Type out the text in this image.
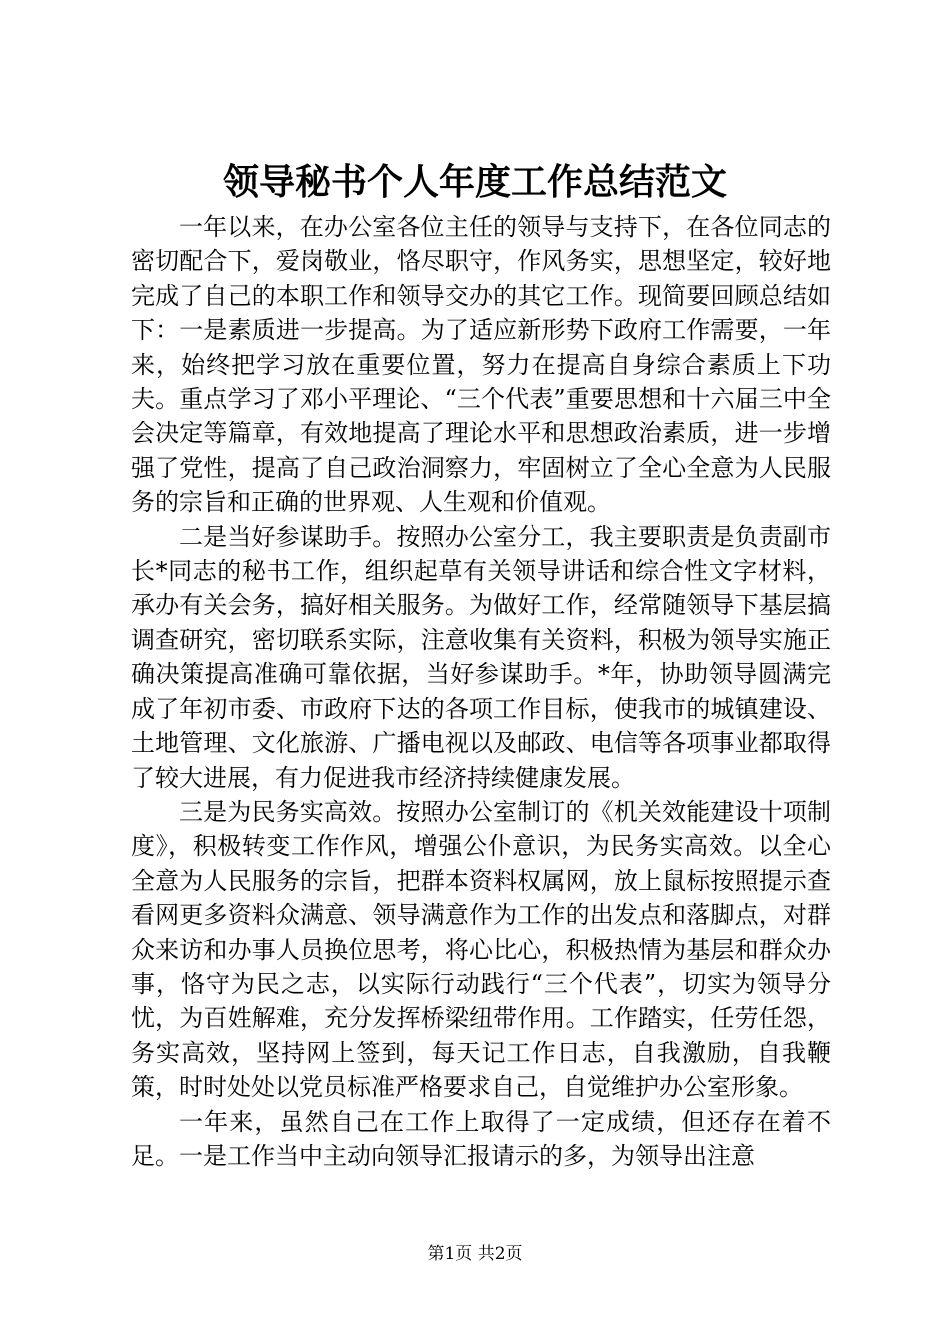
领导秘书个人年度工作总结范文

一年以来，在办公室各位主任的领导与支持下，在各位同志的密切配合下，爱岗敬业，恪尽职守，作风务实，思想坚定，较好地完成了自己的本职工作和领导交办的其它工作。现简要回顾总结如下：一是素质进一步提高。为了适应新形势下政府工作需要，一年来，始终把学习放在重要位置，努力在提高自身综合素质上下功夫。重点学习了邓小平理论、“三个代表”重要思想和十六届三中全会决定等篇章，有效地提高了理论水平和思想政治素质，进一步增强了党性，提高了自己政治洞察力，牢固树立了全心全意为人民服务的宗旨和正确的世界观、人生观和价值观。

二是当好参谋助手。按照办公室分工，我主要职责是负责副市长*同志的秘书工作，组织起草有关领导讲话和综合性文字材料，承办有关会务，搞好相关服务。为做好工作，经常随领导下基层搞调查研究，密切联系实际，注意收集有关资料，积极为领导实施正确决策提高准确可靠依据，当好参谋助手。*年，协助领导圆满完成了年初市委、市政府下达的各项工作目标，使我市的城镇建设、土地管理、文化旅游、广播电视以及邮政、电信等各项事业都取得了较大进展，有力促进我市经济持续健康发展。

三是为民务实高效。按照办公室制订的《机关效能建设十项制度》，积极转变工作作风，增强公仆意识，为民务实高效。以全心全意为人民服务的宗旨，把群本资料权属网，放上鼠标按照提示查看网更多资料众满意、领导满意作为工作的出发点和落脚点，对群众来访和办事人员换位思考，将心比心，积极热情为基层和群众办事，恪守为民之志，以实际行动践行“三个代表”，切实为领导分忧，为百姓解难，充分发挥桥梁纽带作用。工作踏实，任劳任怨，务实高效，坚持网上签到，每天记工作日志，自我激励，自我鞭策，时时处处以党员标准严格要求自己，自觉维护办公室形象。

一年来，虽然自己在工作上取得了一定成绩，但还存在着不足。一是工作当中主动向领导汇报请示的多，为领导出注意

第1页 共2页
